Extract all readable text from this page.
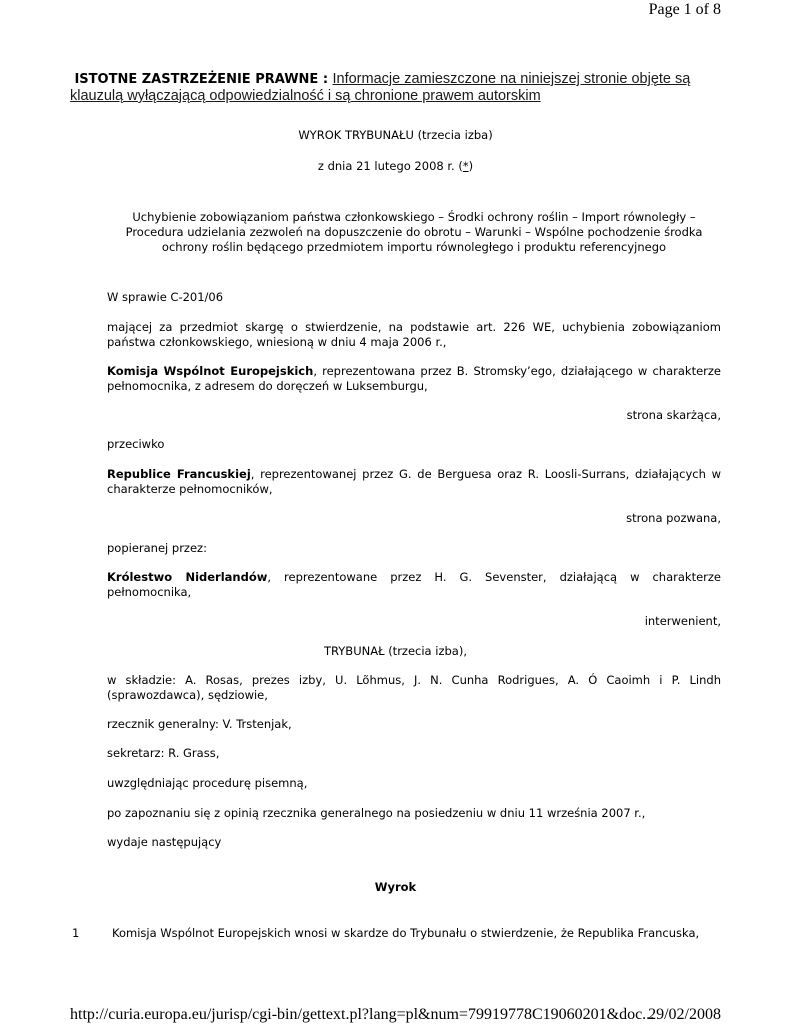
Page 1 of 8
ISTOTNE ZASTRZEŻENIE PRAWNE : Informacje zamieszczone na niniejszej stronie objęte są klauzulą wyłączającą odpowiedzialność i są chronione prawem autorskim
WYROK TRYBUNAŁU (trzecia izba)
z dnia 21 lutego 2008 r. (*)
Uchybienie zobowiązaniom państwa członkowskiego – Środki ochrony roślin – Import równoległy – Procedura udzielania zezwoleń na dopuszczenie do obrotu – Warunki – Wspólne pochodzenie środka ochrony roślin będącego przedmiotem importu równoległego i produktu referencyjnego
W sprawie C-201/06
mającej za przedmiot skargę o stwierdzenie, na podstawie art. 226 WE, uchybienia zobowiązaniom państwa członkowskiego, wniesioną w dniu 4 maja 2006 r.,
Komisja Wspólnot Europejskich, reprezentowana przez B. Stromsky’ego, działającego w charakterze pełnomocnika, z adresem do doręczeń w Luksemburgu,
strona skarżąca,
przeciwko
Republice Francuskiej, reprezentowanej przez G. de Berguesa oraz R. Loosli-Surrans, działających w charakterze pełnomocników,
strona pozwana,
popieranej przez:
Królestwo Niderlandów, reprezentowane przez H. G. Sevenster, działającą w charakterze pełnomocnika,
interwenient,
TRYBUNAŁ (trzecia izba),
w składzie: A. Rosas, prezes izby, U. Lõhmus, J. N. Cunha Rodrigues, A. Ó Caoimh i P. Lindh (sprawozdawca), sędziowie,
rzecznik generalny: V. Trstenjak,
sekretarz: R. Grass,
uwzględniając procedurę pisemną,
po zapoznaniu się z opinią rzecznika generalnego na posiedzeniu w dniu 11 września 2007 r.,
wydaje następujący
Wyrok
1	Komisja Wspólnot Europejskich wnosi w skardze do Trybunału o stwierdzenie, że Republika Francuska,
http://curia.europa.eu/jurisp/cgi-bin/gettext.pl?lang=pl&num=79919778C19060201&doc...
29/02/2008
